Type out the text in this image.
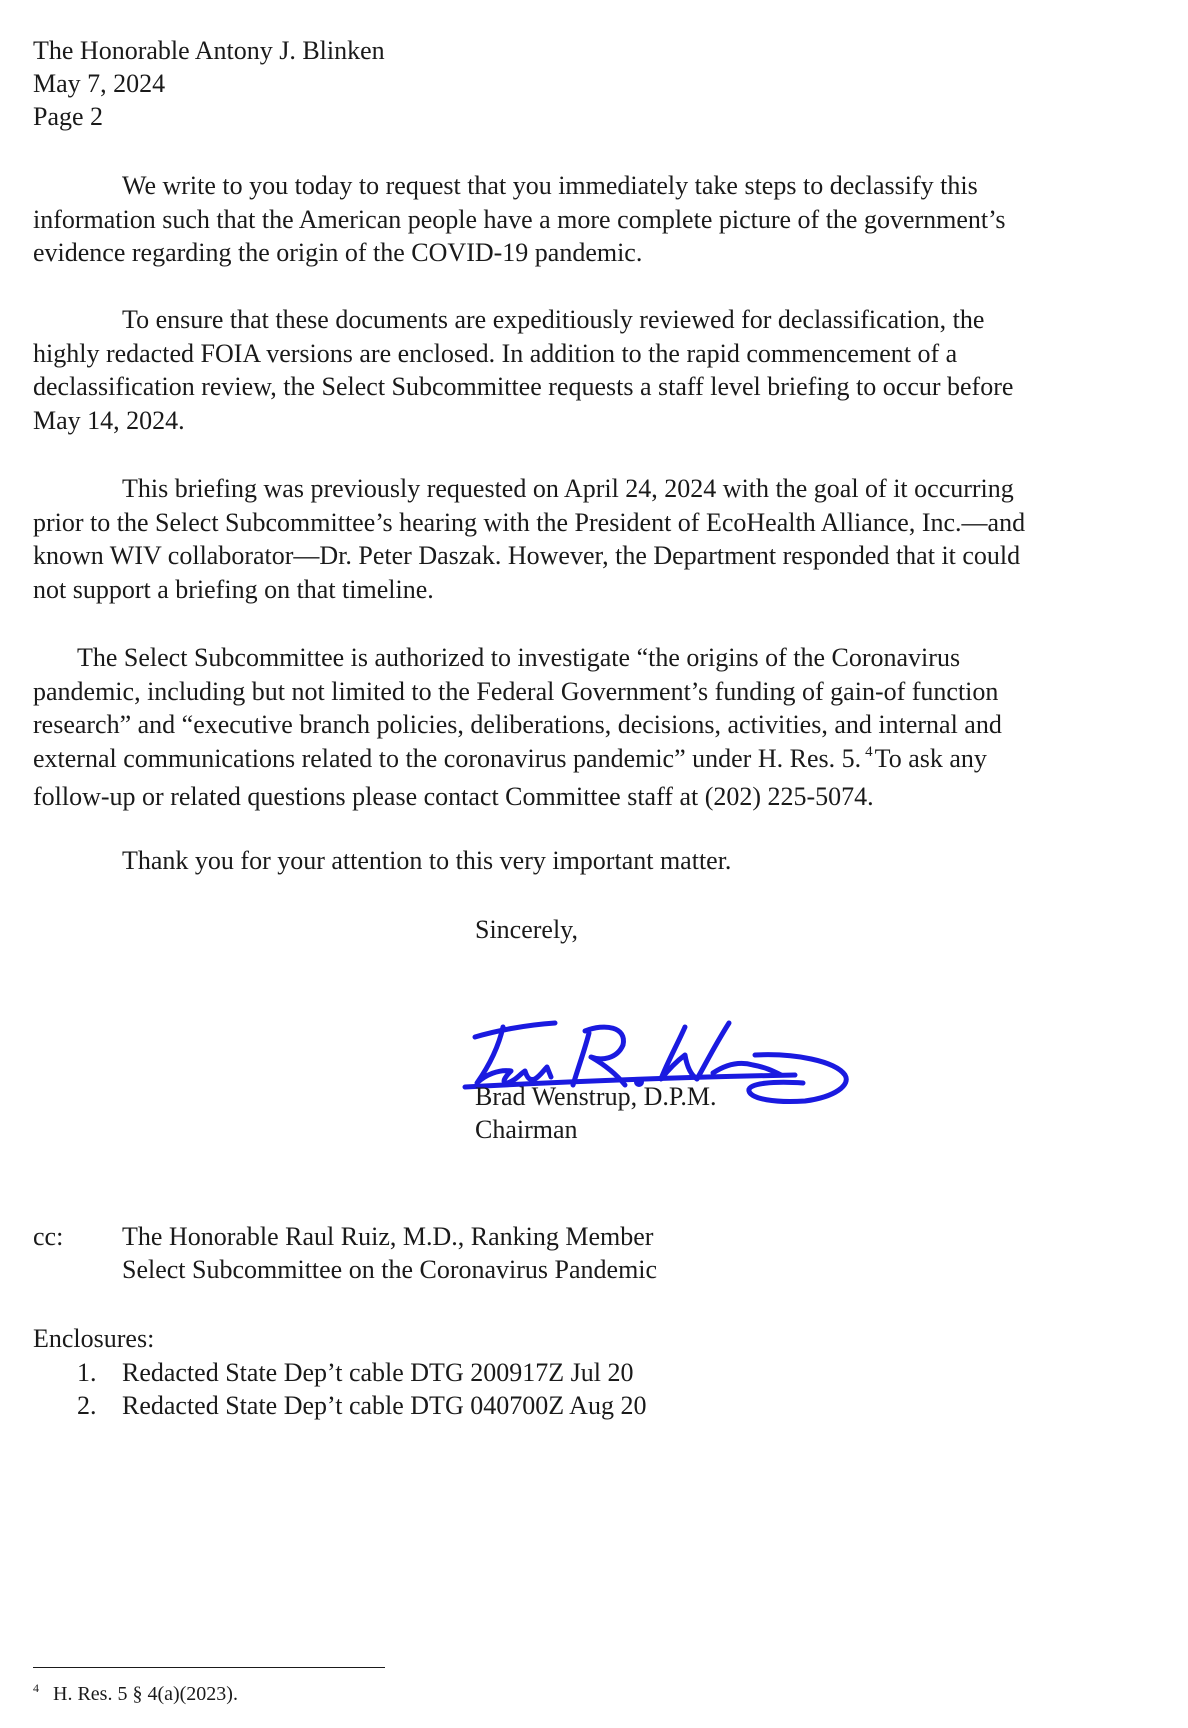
The Honorable Antony J. Blinken
May 7, 2024
Page 2
We write to you today to request that you immediately take steps to declassify this
information such that the American people have a more complete picture of the government’s
evidence regarding the origin of the COVID-19 pandemic.
To ensure that these documents are expeditiously reviewed for declassification, the
highly redacted FOIA versions are enclosed. In addition to the rapid commencement of a
declassification review, the Select Subcommittee requests a staff level briefing to occur before
May 14, 2024.
This briefing was previously requested on April 24, 2024 with the goal of it occurring
prior to the Select Subcommittee’s hearing with the President of EcoHealth Alliance, Inc.—and
known WIV collaborator—Dr. Peter Daszak. However, the Department responded that it could
not support a briefing on that timeline.
The Select Subcommittee is authorized to investigate “the origins of the Coronavirus
pandemic, including but not limited to the Federal Government’s funding of gain-of function
research” and “executive branch policies, deliberations, decisions, activities, and internal and
external communications related to the coronavirus pandemic” under H. Res. 5. $^4$To ask any
follow-up or related questions please contact Committee staff at (202) 225-5074.
Thank you for your attention to this very important matter.
Sincerely,
Brad Wenstrup, D.P.M.
Chairman
cc: The Honorable Raul Ruiz, M.D., Ranking Member
Select Subcommittee on the Coronavirus Pandemic
Enclosures:
1. Redacted State Dep’t cable DTG 200917Z Jul 20
2. Redacted State Dep’t cable DTG 040700Z Aug 20
$^4$ H. Res. 5 § 4(a)(2023).
